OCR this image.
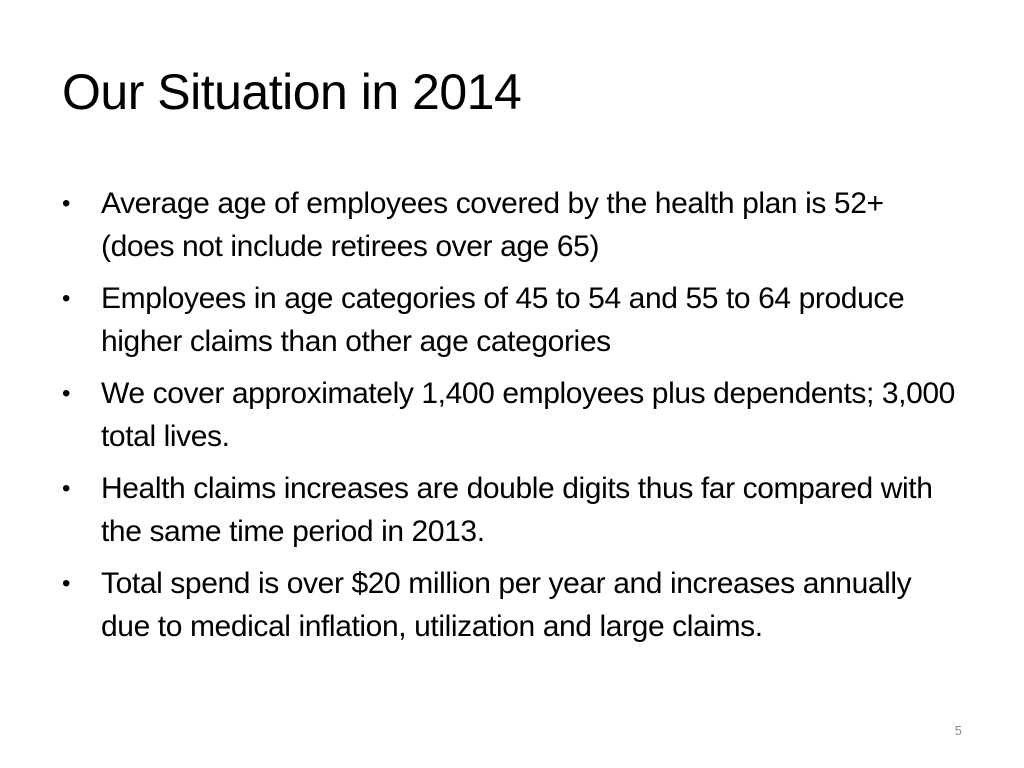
Our Situation in 2014
•	Average age of employees covered by the health plan is 52+ (does not include retirees over age 65)
•	Employees in age categories of 45 to 54 and 55 to 64 produce higher claims than other age categories
•	We cover approximately 1,400 employees plus dependents; 3,000 total lives.
•	Health claims increases are double digits thus far compared with the same time period in 2013.
•	Total spend is over $20 million per year and increases annually due to medical inflation, utilization and large claims.
5
